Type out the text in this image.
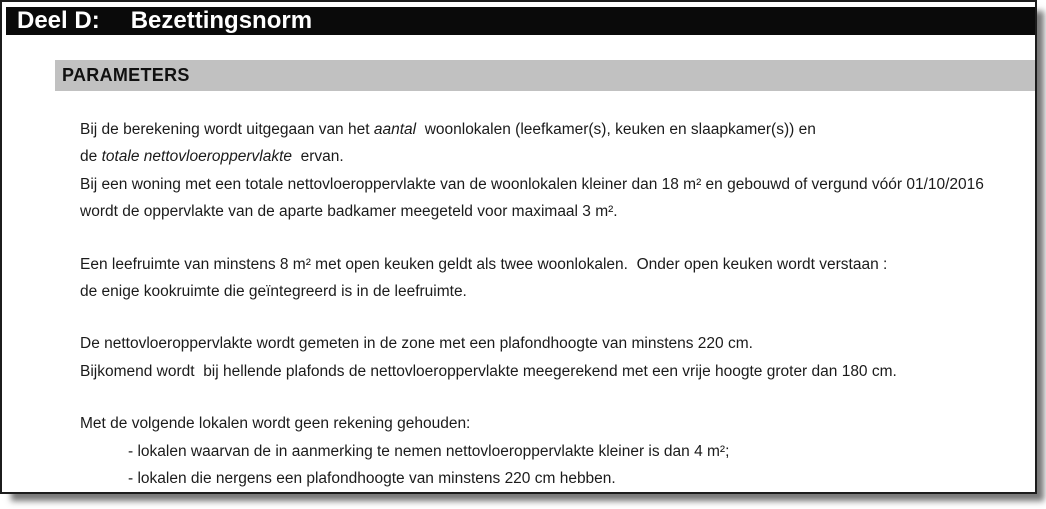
Deel D: Bezettingsnorm
PARAMETERS
Bij de berekening wordt uitgegaan van het aantal  woonlokalen (leefkamer(s), keuken en slaapkamer(s)) en
de totale nettovloeroppervlakte  ervan.
Bij een woning met een totale nettovloeroppervlakte van de woonlokalen kleiner dan 18 m² en gebouwd of vergund vóór 01/10/2016
wordt de oppervlakte van de aparte badkamer meegeteld voor maximaal 3 m².
Een leefruimte van minstens 8 m² met open keuken geldt als twee woonlokalen.  Onder open keuken wordt verstaan :
de enige kookruimte die geïntegreerd is in de leefruimte.
De nettovloeroppervlakte wordt gemeten in de zone met een plafondhoogte van minstens 220 cm.
Bijkomend wordt  bij hellende plafonds de nettovloeroppervlakte meegerekend met een vrije hoogte groter dan 180 cm.
Met de volgende lokalen wordt geen rekening gehouden:
- lokalen waarvan de in aanmerking te nemen nettovloeroppervlakte kleiner is dan 4 m²;
- lokalen die nergens een plafondhoogte van minstens 220 cm hebben.
